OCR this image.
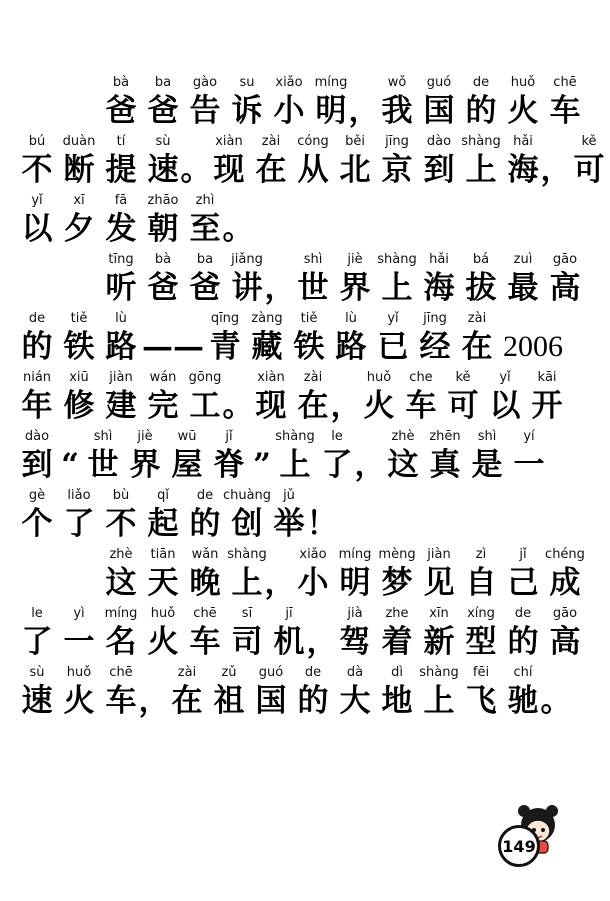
bà
爸
ba
爸
gào
告
su
诉
xiǎo
小
míng
明 ，
wǒ
我
guó
国
de
的
huǒ
火
chē
车
bú
不
duàn
断
tí
提
sù
速 。
xiàn
现
zài
在
cóng
从
běi
北
jīng
京
dào
到
shàng
上
hǎi
海 ，
kě
可
yǐ
以
xī
夕
fā
发
zhāo
朝
zhì
至 。
tīng
听
bà
爸
ba
爸
jiǎng
讲 ，
shì
世
jiè
界
shàng
上
hǎi
海
bá
拔
zuì
最
gāo
高
de
的
tiě
铁
lù
路 ——
qīng
青
zàng
藏
tiě
铁
lù
路
yǐ
已
jīng
经
zài
在 2006
nián
年
xiū
修
jiàn
建
wán
完
gōng
工 。
xiàn
现
zài
在 ，
huǒ
火
che
车
kě
可
yǐ
以
kāi
开
dào
到 “
shì
世
jiè
界
wū
屋
jǐ
脊 ”
shàng
上
le
了 ，
zhè
这
zhēn
真
shì
是
yí
一
gè
个
liǎo
了
bù
不
qǐ
起
de
的
chuàng
创
jǔ
举 ！
zhè
这
tiān
天
wǎn
晚
shàng
上 ，
xiǎo
小
míng
明
mèng
梦
jiàn
见
zì
自
jǐ
己
chéng
成
le
了
yì
一
míng
名
huǒ
火
chē
车
sī
司
jī
机 ，
jià
驾
zhe
着
xīn
新
xíng
型
de
的
gāo
高
sù
速
huǒ
火
chē
车 ，
zài
在
zǔ
祖
guó
国
de
的
dà
大
dì
地
shàng
上
fēi
飞
chí
驰 。
149
